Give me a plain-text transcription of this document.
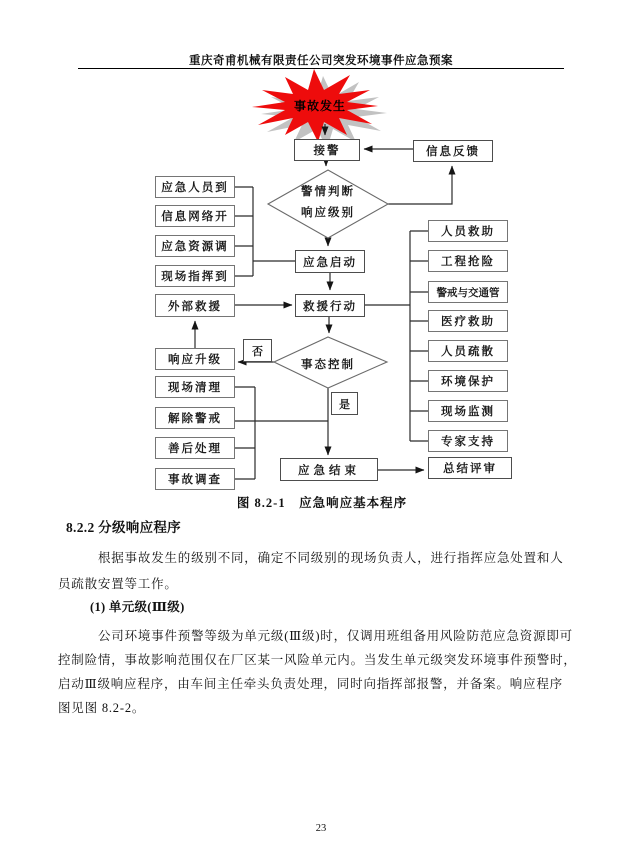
重庆奇甫机械有限责任公司突发环境事件应急预案
事故发生
接警	信息反馈
应急启动
救援行动
应急结束	总结评审
警情判断
响应级别
事态控制
应急人员到
信息网络开
应急资源调
现场指挥到
外部救援
响应升级
否
是
现场清理
解除警戒
善后处理
事故调查
人员救助
工程抢险
警戒与交通管
医疗救助
人员疏散
环境保护
现场监测
专家支持
图 8.2-1　应急响应基本程序
8.2.2 分级响应程序
根据事故发生的级别不同，确定不同级别的现场负责人，进行指挥应急处置和人
员疏散安置等工作。
(1) 单元级(Ⅲ级)
公司环境事件预警等级为单元级(Ⅲ级)时，仅调用班组备用风险防范应急资源即可
控制险情，事故影响范围仅在厂区某一风险单元内。当发生单元级突发环境事件预警时，
启动Ⅲ级响应程序，由车间主任牵头负责处理，同时向指挥部报警，并备案。响应程序
图见图 8.2-2。
23
